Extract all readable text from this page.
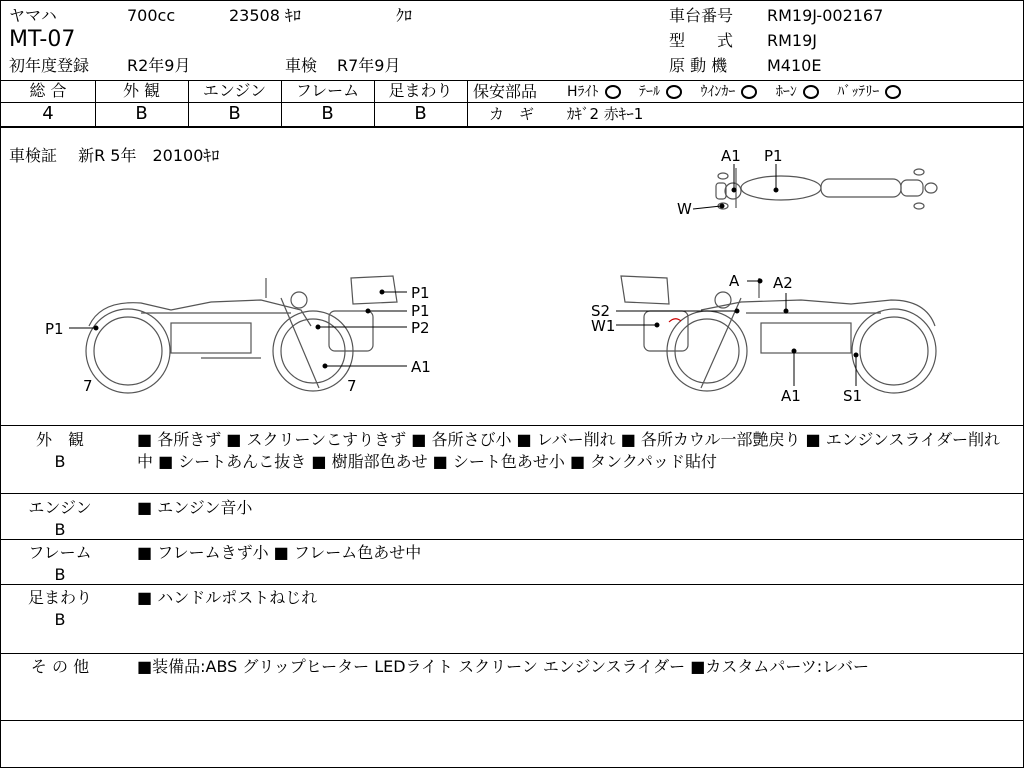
ヤマハ	700cc	23508 ｷﾛ	ｸﾛ
MT-07
初年度登録 R2年9月	車検 R7年9月
車台番号 RM19J-002167
型　　式 RM19J
原 動 機 M410E
総 合	外 観	エンジン	フレーム	足まわり
4	B	B	B	B
保安部品 Hﾗｲﾄ	ﾃｰﾙ	ｳｲﾝｶｰ	ﾎｰﾝ	ﾊﾞｯﾃﾘｰ
カ　ギ ｶｷﾞ2 赤ｷｰ1
車検証　 新R 5年　20100ｷﾛ	A1 P1
W
P1
P1
P1
P2
A1
7	7
A A2
S2
W1
A1	S1
外　観
B
■ 各所きず ■ スクリーンこすりきず ■ 各所さび小 ■ レバー削れ ■ 各所カウル一部艶戻り ■ エンジンスライダー削れ中 ■ シートあんこ抜き ■ 樹脂部色あせ ■ シート色あせ小 ■ タンクパッド貼付
エンジン
B
■ エンジン音小
フレーム
B
■ フレームきず小 ■ フレーム色あせ中
足まわり
B
■ ハンドルポストねじれ
そ の 他	■装備品:ABS グリップヒーター LEDライト スクリーン エンジンスライダー ■カスタムパーツ:レバー
